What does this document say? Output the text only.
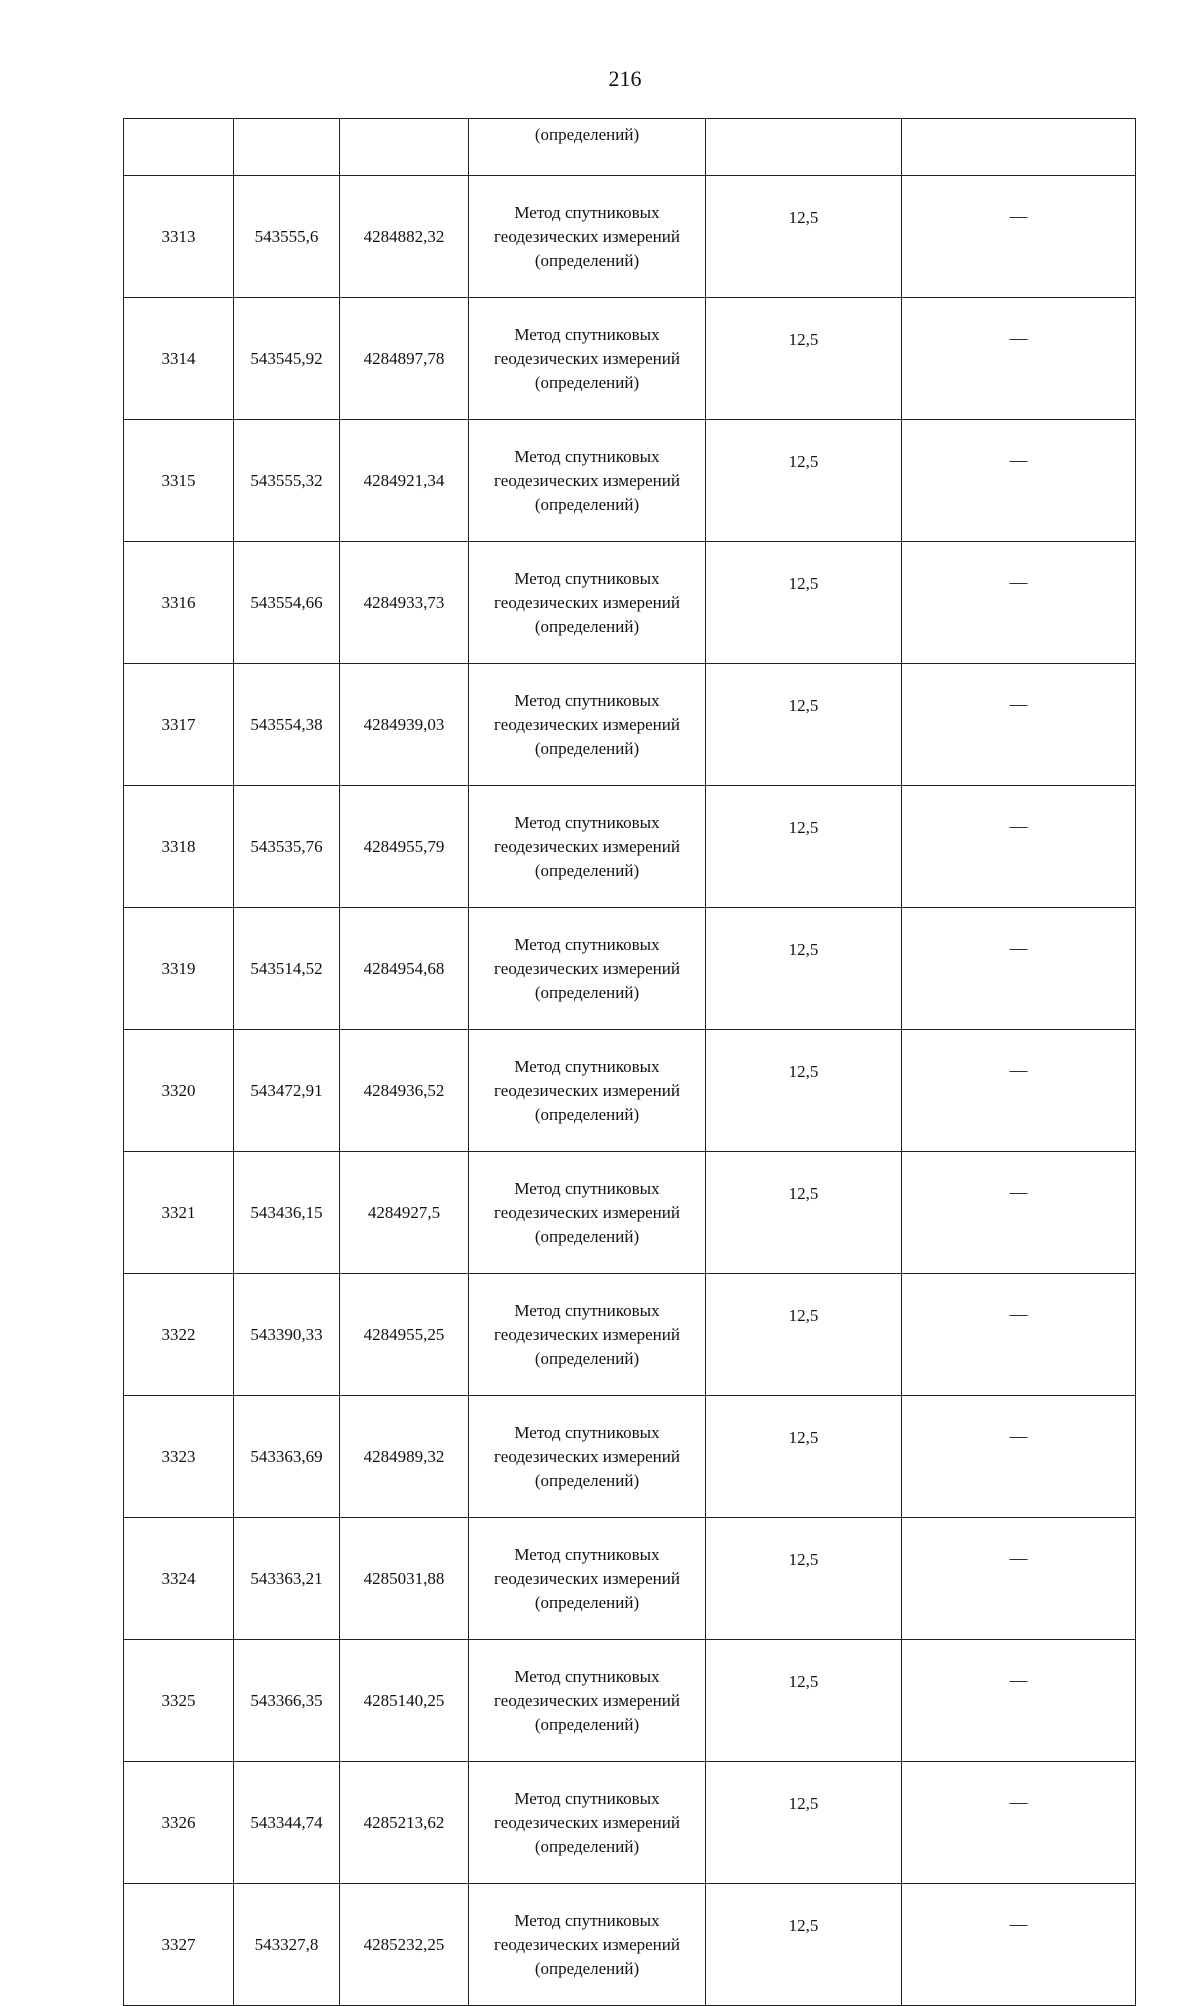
216
			(определений)		
3313	543555,6	4284882,32	Метод спутниковых
геодезических измерений
(определений)	12,5	—
3314	543545,92	4284897,78	Метод спутниковых
геодезических измерений
(определений)	12,5	—
3315	543555,32	4284921,34	Метод спутниковых
геодезических измерений
(определений)	12,5	—
3316	543554,66	4284933,73	Метод спутниковых
геодезических измерений
(определений)	12,5	—
3317	543554,38	4284939,03	Метод спутниковых
геодезических измерений
(определений)	12,5	—
3318	543535,76	4284955,79	Метод спутниковых
геодезических измерений
(определений)	12,5	—
3319	543514,52	4284954,68	Метод спутниковых
геодезических измерений
(определений)	12,5	—
3320	543472,91	4284936,52	Метод спутниковых
геодезических измерений
(определений)	12,5	—
3321	543436,15	4284927,5	Метод спутниковых
геодезических измерений
(определений)	12,5	—
3322	543390,33	4284955,25	Метод спутниковых
геодезических измерений
(определений)	12,5	—
3323	543363,69	4284989,32	Метод спутниковых
геодезических измерений
(определений)	12,5	—
3324	543363,21	4285031,88	Метод спутниковых
геодезических измерений
(определений)	12,5	—
3325	543366,35	4285140,25	Метод спутниковых
геодезических измерений
(определений)	12,5	—
3326	543344,74	4285213,62	Метод спутниковых
геодезических измерений
(определений)	12,5	—
3327	543327,8	4285232,25	Метод спутниковых
геодезических измерений
(определений)	12,5	—
